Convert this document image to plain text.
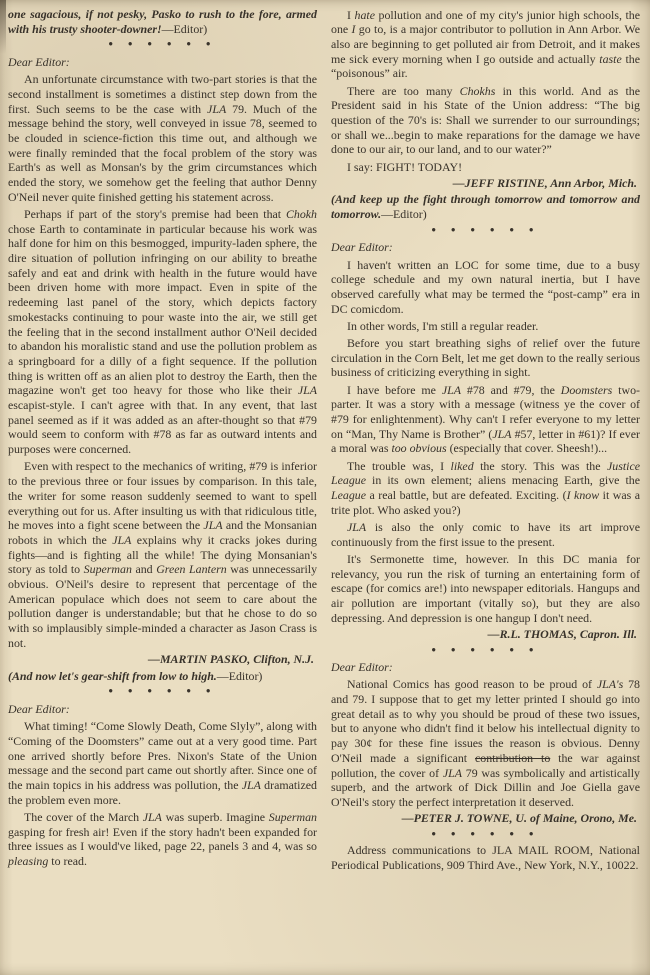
one sagacious, if not pesky, Pasko to rush to the fore, armed with his trusty shooter-downer!—Editor)
• • • • • •
Dear Editor:
An unfortunate circumstance with two-part stories is that the second installment is sometimes a distinct step down from the first. Such seems to be the case with JLA 79. Much of the message behind the story, well conveyed in issue 78, seemed to be clouded in science-fiction this time out, and although we were finally reminded that the focal problem of the story was Earth's as well as Monsan's by the grim circumstances which ended the story, we somehow get the feeling that author Denny O'Neil never quite finished getting his statement across.
Perhaps if part of the story's premise had been that Chokh chose Earth to contaminate in particular because his work was half done for him on this besmogged, impurity-laden sphere, the dire situation of pollution infringing on our ability to breathe safely and eat and drink with health in the future would have been driven home with more impact. Even in spite of the redeeming last panel of the story, which depicts factory smokestacks continuing to pour waste into the air, we still get the feeling that in the second installment author O'Neil decided to abandon his moralistic stand and use the pollution problem as a springboard for a dilly of a fight sequence. If the pollution thing is written off as an alien plot to destroy the Earth, then the magazine won't get too heavy for those who like their JLA escapist-style. I can't agree with that. In any event, that last panel seemed as if it was added as an after-thought so that #79 would seem to conform with #78 as far as outward intents and purposes were concerned.
Even with respect to the mechanics of writing, #79 is inferior to the previous three or four issues by comparison. In this tale, the writer for some reason suddenly seemed to want to spell everything out for us. After insulting us with that ridiculous title, he moves into a fight scene between the JLA and the Monsanian robots in which the JLA explains why it cracks jokes during fights—and is fighting all the while! The dying Monsanian's story as told to Superman and Green Lantern was unnecessarily obvious. O'Neil's desire to represent that percentage of the American populace which does not seem to care about the pollution danger is understandable; but that he chose to do so with so implausibly simple-minded a character as Jason Crass is not.
—MARTIN PASKO, Clifton, N.J.
(And now let's gear-shift from low to high.—Editor)
• • • • • •
Dear Editor:
What timing! “Come Slowly Death, Come Slyly”, along with “Coming of the Doomsters” came out at a very good time. Part one arrived shortly before Pres. Nixon's State of the Union message and the second part came out shortly after. Since one of the main topics in his address was pollution, the JLA dramatized the problem even more.
The cover of the March JLA was superb. Imagine Superman gasping for fresh air! Even if the story hadn't been expanded for three issues as I would've liked, page 22, panels 3 and 4, was so pleasing to read.
I hate pollution and one of my city's junior high schools, the one I go to, is a major contributor to pollution in Ann Arbor. We also are beginning to get polluted air from Detroit, and it makes me sick every morning when I go outside and actually taste the “poisonous” air.
There are too many Chokhs in this world. And as the President said in his State of the Union address: “The big question of the 70's is: Shall we surrender to our surroundings; or shall we...begin to make reparations for the damage we have done to our air, to our land, and to our water?”
I say: FIGHT! TODAY!
—JEFF RISTINE, Ann Arbor, Mich.
(And keep up the fight through tomorrow and tomorrow and tomorrow.—Editor)
• • • • • •
Dear Editor:
I haven't written an LOC for some time, due to a busy college schedule and my own natural inertia, but I have observed carefully what may be termed the “post-camp” era in DC comicdom.
In other words, I'm still a regular reader.
Before you start breathing sighs of relief over the future circulation in the Corn Belt, let me get down to the really serious business of criticizing everything in sight.
I have before me JLA #78 and #79, the Doomsters two-parter. It was a story with a message (witness ye the cover of #79 for enlightenment). Why can't I refer everyone to my letter on “Man, Thy Name is Brother” (JLA #57, letter in #61)? If ever a moral was too obvious (especially that cover. Sheesh!)...
The trouble was, I liked the story. This was the Justice League in its own element; aliens menacing Earth, give the League a real battle, but are defeated. Exciting. (I know it was a trite plot. Who asked you?)
JLA is also the only comic to have its art improve continuously from the first issue to the present.
It's Sermonette time, however. In this DC mania for relevancy, you run the risk of turning an entertaining form of escape (for comics are!) into newspaper editorials. Hangups and air pollution are important (vitally so), but they are also depressing. And depression is one hangup I don't need.
—R.L. THOMAS, Capron. Ill.
• • • • • •
Dear Editor:
National Comics has good reason to be proud of JLA's 78 and 79. I suppose that to get my letter printed I should go into great detail as to why you should be proud of these two issues, but to anyone who didn't find it below his intellectual dignity to pay 30¢ for these fine issues the reason is obvious. Denny O'Neil made a significant contribution to the war against pollution, the cover of JLA 79 was symbolically and artistically superb, and the artwork of Dick Dillin and Joe Giella gave O'Neil's story the perfect interpretation it deserved.
—PETER J. TOWNE, U. of Maine, Orono, Me.
• • • • • •
Address communications to JLA MAIL ROOM, National Periodical Publications, 909 Third Ave., New York, N.Y., 10022.
